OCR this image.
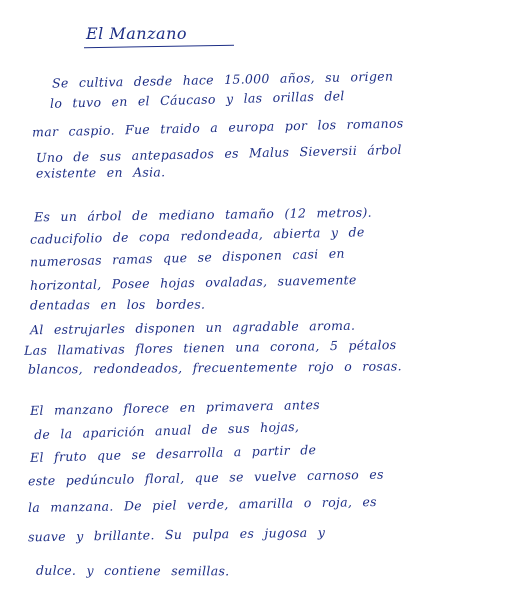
El Manzano
Se cultiva desde hace 15.000 años, su origen
lo tuvo en el Cáucaso y las orillas del
mar caspio. Fue traido a europa por los romanos
Uno de sus antepasados es Malus Sieversii árbol
existente en Asia.
Es un árbol de mediano tamaño (12 metros).
caducifolio de copa redondeada, abierta y de
numerosas ramas que se disponen casi en
horizontal, Posee hojas ovaladas, suavemente
dentadas en los bordes.
Al estrujarles disponen un agradable aroma.
Las llamativas flores tienen una corona, 5 pétalos
blancos, redondeados, frecuentemente rojo o rosas.
El manzano florece en primavera antes
de la aparición anual de sus hojas,
El fruto que se desarrolla a partir de
este pedúnculo floral, que se vuelve carnoso es
la manzana. De piel verde, amarilla o roja, es
suave y brillante. Su pulpa es jugosa y
dulce. y contiene semillas.
